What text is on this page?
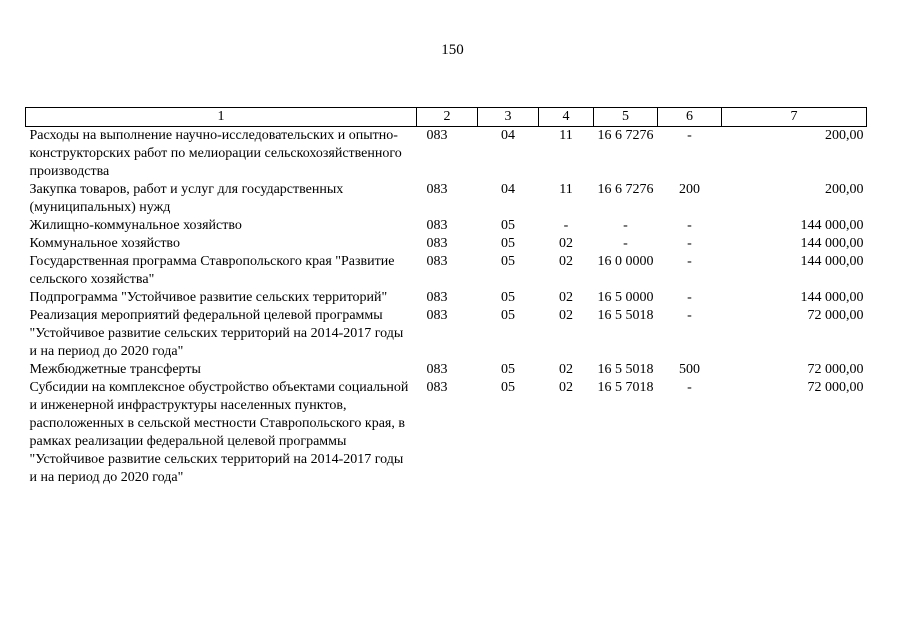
150
1	2	3	4	5	6	7
Расходы на выполнение научно-исследовательских и опытно-конструкторских работ по мелиорации сельскохозяйственного производства	083	04	11	16 6 7276	-	200,00
Закупка товаров, работ и услуг для государственных (муниципальных) нужд	083	04	11	16 6 7276	200	200,00
Жилищно-коммунальное хозяйство	083	05	-	-	-	144 000,00
Коммунальное хозяйство	083	05	02	-	-	144 000,00
Государственная программа Ставропольского края "Развитие сельского хозяйства"	083	05	02	16 0 0000	-	144 000,00
Подпрограмма "Устойчивое развитие сельских территорий"	083	05	02	16 5 0000	-	144 000,00
Реализация мероприятий федеральной целевой программы "Устойчивое развитие сельских территорий на 2014-2017 годы и на период до 2020 года"	083	05	02	16 5 5018	-	72 000,00
Межбюджетные трансферты	083	05	02	16 5 5018	500	72 000,00
Субсидии на комплексное обустройство объектами социальной и инженерной инфраструктуры населенных пунктов, расположенных в сельской местности Ставропольского края, в рамках реализации федеральной целевой программы "Устойчивое развитие сельских территорий на 2014-2017 годы и на период до 2020 года"	083	05	02	16 5 7018	-	72 000,00
